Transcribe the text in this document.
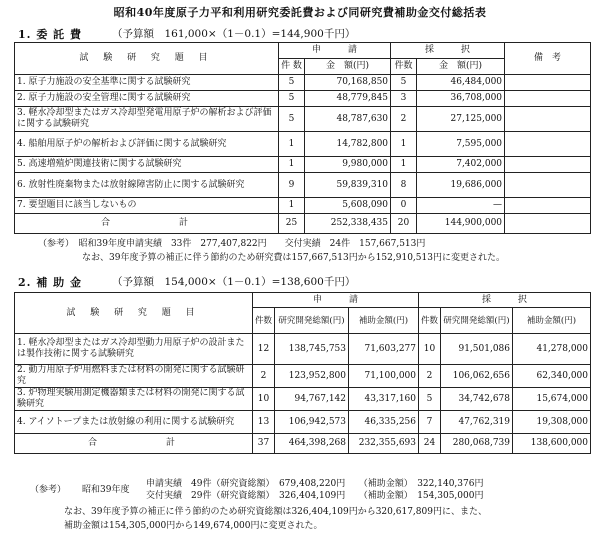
昭和40年度原子力平和利用研究委託費および同研究費補助金交付総括表
1. 委 託 費	（予算額　161,000×（1－0.1）=144,900千円）
試 験 研 究 題 目	申　　　請		採　　　択		備　考
	件 数	金　額(円)	件数	金　額(円)	
1. 原子力施設の安全基準に関する試験研究	5	70,168,850	5	46,484,000	
2. 原子力施設の安全管理に関する試験研究	5	48,779,845	3	36,708,000	
3. 軽水冷却型またはガス冷却型発電用原子炉の解析および評価に関する試験研究	5	48,787,630	2	27,125,000	
4. 船舶用原子炉の解析および評価に関する試験研究	1	14,782,800	1	7,595,000	
5. 高速増殖炉関連技術に関する試験研究	1	9,980,000	1	7,402,000	
6. 放射性廃棄物または放射線障害防止に関する試験研究	9	59,839,310	8	19,686,000	
7. 要望題目に該当しないもの	1	5,608,090	0	—	
合　　　　　計	25	252,338,435	20	144,900,000	
（参考）　昭和39年度申請実績　33件　277,407,822円　　交付実績　24件　157,667,513円
なお、39年度予算の補正に伴う節約のため研究費は157,667,513円から152,910,513円に変更された。
2. 補 助 金	（予算額　154,000×（1－0.1）=138,600千円）
試 験 研 究 題 目	申　　　請			採　　　択		
	件数	研究開発総額(円)	補助金額(円)	件数	研究開発総額(円)	補助金額(円)
1. 軽水冷却型またはガス冷却型動力用原子炉の設計または製作技術に関する試験研究	12	138,745,753	71,603,277	10	91,501,086	41,278,000
2. 動力用原子炉用燃料または材料の開発に関する試験研究	2	123,952,800	71,100,000	2	106,062,656	62,340,000
3. 炉物理実験用測定機器類または材料の開発に関する試験研究	10	94,767,142	43,317,160	5	34,742,678	15,674,000
4. アイソトープまたは放射線の利用に関する試験研究	13	106,942,573	46,335,256	7	47,762,319	19,308,000
合　　　　　計	37	464,398,268	232,355,693	24	280,068,739	138,600,000
（参考） 昭和39年度
申請実績　49件（研究資総額）　679,408,220円　　（補助金額）　322,140,376円
交付実績　29件（研究資総額）　326,404,109円　　（補助金額）　154,305,000円
なお、39年度予算の補正に伴う節約のため研究資総額は326,404,109円から320,617,809円に、また、
補助金額は154,305,000円から149,674,000円に変更された。
